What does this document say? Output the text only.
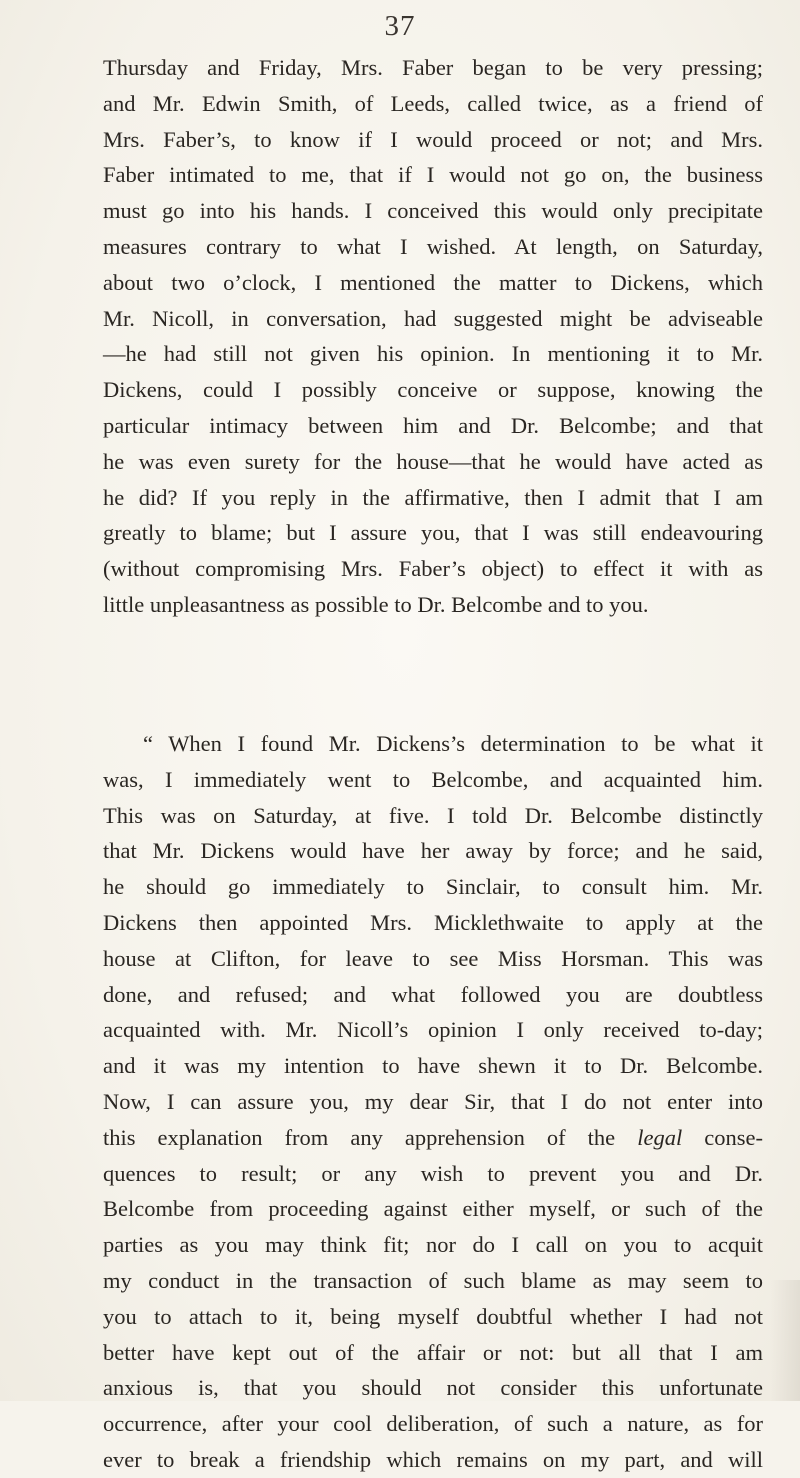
37
Thursday and Friday, Mrs. Faber began to be very pressing;
and Mr. Edwin Smith, of Leeds, called twice, as a friend of
Mrs. Faber’s, to know if I would proceed or not; and Mrs.
Faber intimated to me, that if I would not go on, the business
must go into his hands. I conceived this would only precipitate
measures contrary to what I wished. At length, on Saturday,
about two o’clock, I mentioned the matter to Dickens, which
Mr. Nicoll, in conversation, had suggested might be adviseable
—he had still not given his opinion. In mentioning it to Mr.
Dickens, could I possibly conceive or suppose, knowing the
particular intimacy between him and Dr. Belcombe; and that
he was even surety for the house—that he would have acted as
he did? If you reply in the affirmative, then I admit that I am
greatly to blame; but I assure you, that I was still endeavouring
(without compromising Mrs. Faber’s object) to effect it with as
little unpleasantness as possible to Dr. Belcombe and to you.
“ When I found Mr. Dickens’s determination to be what it
was, I immediately went to Belcombe, and acquainted him.
This was on Saturday, at five. I told Dr. Belcombe distinctly
that Mr. Dickens would have her away by force; and he said,
he should go immediately to Sinclair, to consult him. Mr.
Dickens then appointed Mrs. Micklethwaite to apply at the
house at Clifton, for leave to see Miss Horsman. This was
done, and refused; and what followed you are doubtless
acquainted with. Mr. Nicoll’s opinion I only received to-day;
and it was my intention to have shewn it to Dr. Belcombe.
Now, I can assure you, my dear Sir, that I do not enter into
this explanation from any apprehension of the legal conse-
quences to result; or any wish to prevent you and Dr.
Belcombe from proceeding against either myself, or such of the
parties as you may think fit; nor do I call on you to acquit
my conduct in the transaction of such blame as may seem to
you to attach to it, being myself doubtful whether I had not
better have kept out of the affair or not: but all that I am
anxious is, that you should not consider this unfortunate
occurrence, after your cool deliberation, of such a nature, as for
ever to break a friendship which remains on my part, and will
